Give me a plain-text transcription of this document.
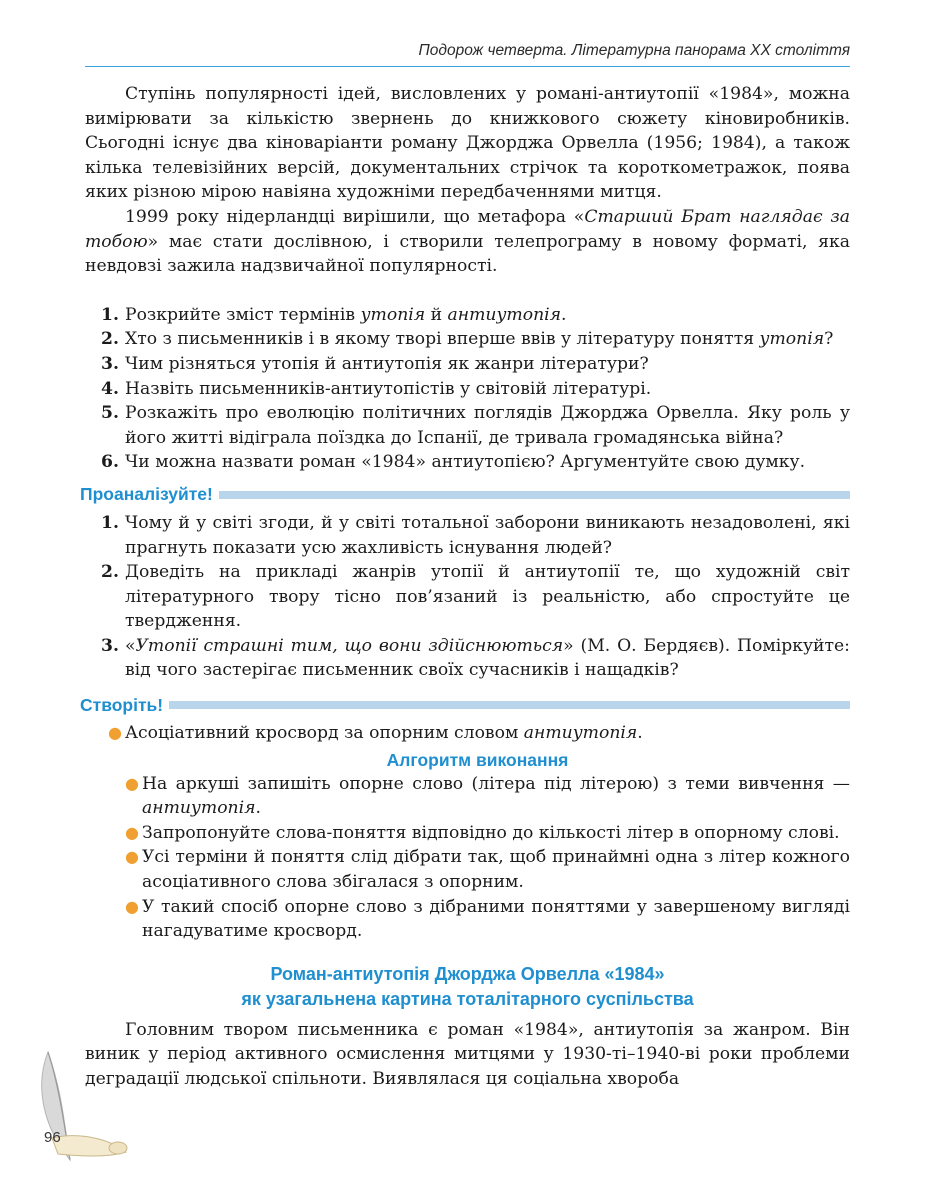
Подорож четверта. Літературна панорама XX століття

Ступінь популярності ідей, висловлених у романі-антиутопії «1984», можна вимірювати за кількістю звернень до книжкового сюжету кіновиробників. Сьогодні існує два кіноваріанти роману Джорджа Орвелла (1956; 1984), а також кілька телевізійних версій, документальних стрічок та короткометражок, поява яких різною мірою навіяна художніми передбаченнями митця.

1999 року нідерландці вирішили, що метафора «Старший Брат наглядає за тобою» має стати дослівною, і створили телепрограму в новому форматі, яка невдовзі зажила надзвичайної популярності.

1. Розкрийте зміст термінів утопія й антиутопія.
2. Хто з письменників і в якому творі вперше ввів у літературу поняття утопія?
3. Чим різняться утопія й антиутопія як жанри літератури?
4. Назвіть письменників-антиутопістів у світовій літературі.
5. Розкажіть про еволюцію політичних поглядів Джорджа Орвелла. Яку роль у його житті відіграла поїздка до Іспанії, де тривала громадянська війна?
6. Чи можна назвати роман «1984» антиутопією? Аргументуйте свою думку.
Проаналізуйте!
1. Чому й у світі згоди, й у світі тотальної заборони виникають незадоволені, які прагнуть показати усю жахливість існування людей?
2. Доведіть на прикладі жанрів утопії й антиутопії те, що художній світ літературного твору тісно пов’язаний із реальністю, або спростуйте це твердження.
3. «Утопії страшні тим, що вони здійснюються» (М. О. Бердяєв). Поміркуйте: від чого застерігає письменник своїх сучасників і нащадків?
Створіть!
● Асоціативний кросворд за опорним словом антиутопія.
Алгоритм виконання
● На аркуші запишіть опорне слово (літера під літерою) з теми вивчення — антиутопія.
● Запропонуйте слова-поняття відповідно до кількості літер в опорному слові.
● Усі терміни й поняття слід дібрати так, щоб принаймні одна з літер кожного асоціативного слова збігалася з опорним.
● У такий спосіб опорне слово з дібраними поняттями у завершеному вигляді нагадуватиме кросворд.
Роман-антиутопія Джорджа Орвелла «1984»
як узагальнена картина тоталітарного суспільства

Головним твором письменника є роман «1984», антиутопія за жанром. Він виник у період активного осмислення митцями у 1930-ті–1940-ві роки проблеми деградації людської спільноти. Виявлялася ця соціальна хвороба

96
